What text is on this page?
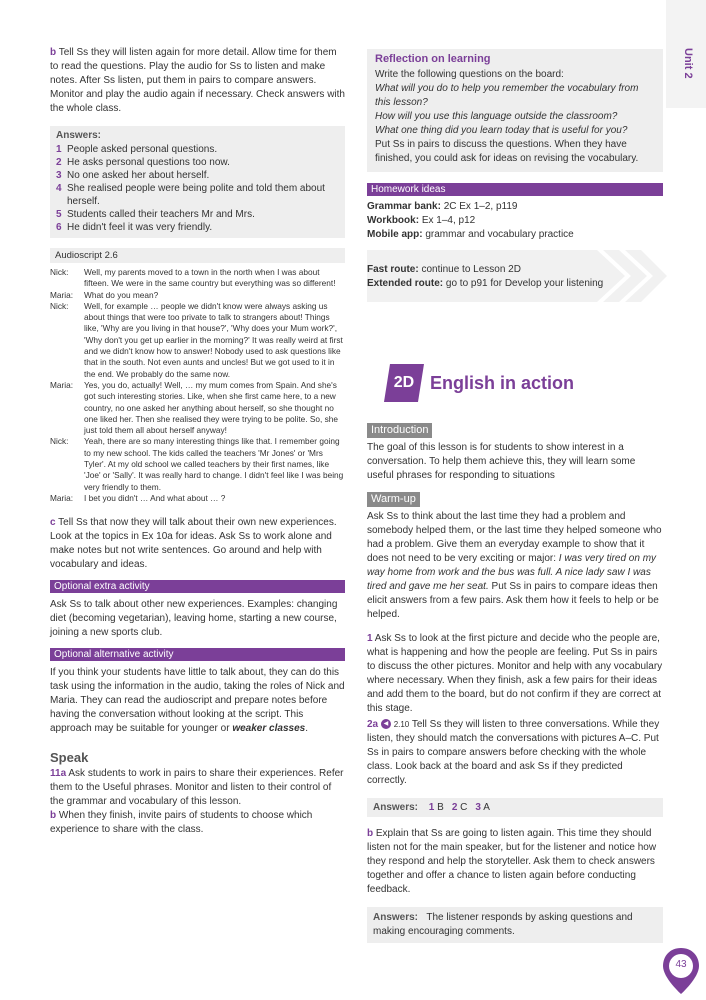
b Tell Ss they will listen again for more detail. Allow time for them to read the questions. Play the audio for Ss to listen and make notes. After Ss listen, put them in pairs to compare answers. Monitor and play the audio again if necessary. Check answers with the whole class.

Answers:

1 People asked personal questions.
2 He asks personal questions too now.
3 No one asked her about herself.
4 She realised people were being polite and told them about herself.
5 Students called their teachers Mr and Mrs.
6 He didn't feel it was very friendly.
Audioscript 2.6
Nick:	Well, my parents moved to a town in the north when I was about fifteen. We were in the same country but everything was so different!
Maria:	What do you mean?
Nick:	Well, for example … people we didn't know were always asking us about things that were too private to talk to strangers about! Things like, 'Why are you living in that house?', 'Why does your Mum work?', 'Why don't you get up earlier in the morning?' It was really weird at first and we didn't know how to answer! Nobody used to ask questions like that in the south. Not even aunts and uncles! But we got used to it in the end. We probably do the same now.
Maria:	Yes, you do, actually! Well, … my mum comes from Spain. And she's got such interesting stories. Like, when she first came here, to a new country, no one asked her anything about herself, so she thought no one liked her. Then she realised they were trying to be polite. So, she just told them all about herself anyway!
Nick:	Yeah, there are so many interesting things like that. I remember going to my new school. The kids called the teachers 'Mr Jones' or 'Mrs Tyler'. At my old school we called teachers by their first names, like 'Joe' or 'Sally'. It was really hard to change. I didn't feel like I was being very friendly to them.
Maria:	I bet you didn't … And what about … ?

c Tell Ss that now they will talk about their own new experiences. Look at the topics in Ex 10a for ideas. Ask Ss to work alone and make notes but not write sentences. Go around and help with vocabulary and ideas.

Optional extra activity

Ask Ss to talk about other new experiences. Examples: changing diet (becoming vegetarian), leaving home, starting a new course, joining a new sports club.

Optional alternative activity

If you think your students have little to talk about, they can do this task using the information in the audio, taking the roles of Nick and Maria. They can read the audioscript and prepare notes before having the conversation without looking at the script. This approach may be suitable for younger or weaker classes.

Speak

11a Ask students to work in pairs to share their experiences. Refer them to the Useful phrases. Monitor and listen to their control of the grammar and vocabulary of this lesson.

b When they finish, invite pairs of students to choose which experience to share with the class.

Reflection on learning

Write the following questions on the board:

What will you do to help you remember the vocabulary from this lesson?

How will you use this language outside the classroom?

What one thing did you learn today that is useful for you?

Put Ss in pairs to discuss the questions. When they have finished, you could ask for ideas on revising the vocabulary.

Homework ideas

Grammar bank: 2C Ex 1–2, p119

Workbook: Ex 1–4, p12

Mobile app: grammar and vocabulary practice

Fast route: continue to Lesson 2D

Extended route: go to p91 for Develop your listening

2D English in action
Introduction

The goal of this lesson is for students to show interest in a conversation. To help them achieve this, they will learn some useful phrases for responding to situations

Warm-up

Ask Ss to think about the last time they had a problem and somebody helped them, or the last time they helped someone who had a problem. Give them an everyday example to show that it does not need to be very exciting or major: I was very tired on my way home from work and the bus was full. A nice lady saw I was tired and gave me her seat. Put Ss in pairs to compare ideas then elicit answers from a few pairs. Ask them how it feels to help or be helped.

1 Ask Ss to look at the first picture and decide who the people are, what is happening and how the people are feeling. Put Ss in pairs to discuss the other pictures. Monitor and help with any vocabulary where necessary. When they finish, ask a few pairs for their ideas and add them to the board, but do not confirm if they are correct at this stage.

2a ◀ 2.10 Tell Ss they will listen to three conversations. While they listen, they should match the conversations with pictures A–C. Put Ss in pairs to compare answers before checking with the whole class. Look back at the board and ask Ss if they predicted correctly.

Answers: 1 B 2 C 3 A

b Explain that Ss are going to listen again. This time they should listen not for the main speaker, but for the listener and notice how they respond and help the storyteller. Ask them to check answers together and offer a chance to listen again before conducting feedback.

Answers: The listener responds by asking questions and making encouraging comments.

Unit 2
43
